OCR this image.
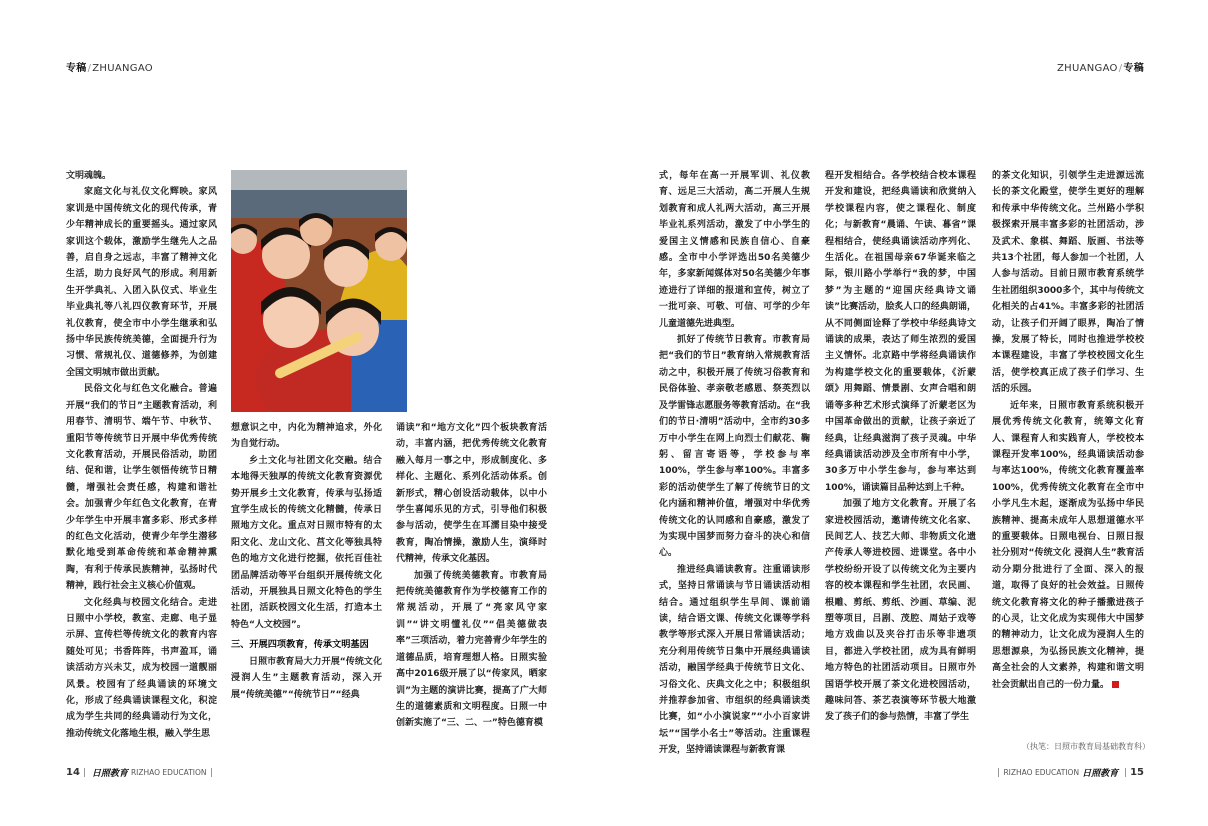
专稿/ZHUANGAO

文明魂魄。

家庭文化与礼仪文化辉映。家风家训是中国传统文化的现代传承，青少年精神成长的重要摇头。通过家风家训这个载体，激励学生继先人之品善，启自身之远志，丰富了精神文化生活，助力良好风气的形成。利用新生开学典礼、入团入队仪式、毕业生毕业典礼等八礼四仪教育环节，开展礼仪教育，使全市中小学生继承和弘扬中华民族传统美德，全面提升行为习惯、常规礼仪、道德修养，为创建全国文明城市做出贡献。

民俗文化与红色文化融合。普遍开展“我们的节日”主题教育活动，利用春节、清明节、端午节、中秋节、重阳节等传统节日开展中华优秀传统文化教育活动，开展民俗活动，助团结、促和谐，让学生领悟传统节日精髓，增强社会责任感，构建和谐社会。加强青少年红色文化教育，在青少年学生中开展丰富多彩、形式多样的红色文化活动，使青少年学生潜移默化地受到革命传统和革命精神熏陶，有利于传承民族精神，弘扬时代精神，践行社会主义核心价值观。

文化经典与校园文化结合。走进日照中小学校，教室、走廊、电子显示屏、宣传栏等传统文化的教育内容随处可见；书香阵阵，书声盈耳，诵读活动方兴未艾，成为校园一道靓丽风景。校园有了经典诵读的环境文化，形成了经典诵读课程文化，积淀成为学生共同的经典诵动行为文化，推动传统文化落地生根，融入学生思

想意识之中，内化为精神追求，外化为自觉行动。

乡土文化与社团文化交融。结合本地得天独厚的传统文化教育资源优势开展乡土文化教育，传承与弘扬适宜学生成长的传统文化精髓，传承日照地方文化。重点对日照市特有的太阳文化、龙山文化、莒文化等独具特色的地方文化进行挖掘，依托百佳社团品牌活动等平台组织开展传统文化活动，开展独具日照文化特色的学生社团，活跃校园文化生活，打造本土特色“人文校园”。

三、开展四项教育，传承文明基因

日照市教育局大力开展“传统文化 浸润人生”主题教育活动，深入开展“传统美德”“传统节日”“经典

诵读”和“地方文化”四个板块教育活动，丰富内涵，把优秀传统文化教育融入每月一事之中，形成制度化、多样化、主题化、系列化活动体系。创新形式，精心创设活动载体，以中小学生喜闻乐见的方式，引导他们积极参与活动，使学生在耳濡目染中接受教育，陶冶情操，激励人生，演绎时代精神，传承文化基因。

加强了传统美德教育。市教育局把传统美德教育作为学校德育工作的常规活动，开展了“亮家风守家训”“讲文明懂礼仪”“倡美德做表率”三项活动，着力完善青少年学生的道德品质，培育理想人格。日照实验高中2016级开展了以“传家风，晒家训”为主题的演讲比赛，提高了广大师生的道德素质和文明程度。日照一中创新实施了“三、二、一”特色德育模

14 日照教育 RIZHAO EDUCATION
ZHUANGAO/专稿

式，每年在高一开展军训、礼仪教育、远足三大活动，高二开展人生规划教育和成人礼两大活动，高三开展毕业礼系列活动，激发了中小学生的爱国主义情感和民族自信心、自豪感。全市中小学评选出50名美德少年，多家新闻媒体对50名美德少年事迹进行了详细的报道和宣传，树立了一批可亲、可敬、可信、可学的少年儿童道德先进典型。

抓好了传统节日教育。市教育局把“我们的节日”教育纳入常规教育活动之中，积极开展了传统习俗教育和民俗体验、孝亲敬老感恩、祭英烈以及学雷锋志愿服务等教育活动。在“我们的节日·清明”活动中，全市约30多万中小学生在网上向烈士们献花、鞠躬、留言寄语等，学校参与率100%，学生参与率100%。丰富多彩的活动使学生了解了传统节日的文化内涵和精神价值，增强对中华优秀传统文化的认同感和自豪感，激发了为实现中国梦而努力奋斗的决心和信心。

推进经典诵读教育。注重诵读形式，坚持日常诵读与节日诵读活动相结合。通过组织学生早间、课前诵读，结合语文课、传统文化课等学科教学等形式深入开展日常诵读活动；充分利用传统节日集中开展经典诵读活动，融国学经典于传统节日文化、习俗文化、庆典文化之中；积极组织并推荐参加省、市组织的经典诵读类比赛，如“小小演说家”“小小百家讲坛”“国学小名士”等活动。注重课程开发，坚持诵读课程与新教育课

程开发相结合。各学校结合校本课程开发和建设，把经典诵读和欣赏纳入学校课程内容，使之课程化、制度化；与新教育“晨诵、午读、暮省”课程相结合，使经典诵读活动序列化、生活化。在祖国母亲67华诞来临之际，银川路小学举行“我的梦，中国梦”为主题的“迎国庆经典诗文诵读”比赛活动，脍炙人口的经典朗诵，从不同侧面诠释了学校中华经典诗文诵读的成果，表达了师生浓烈的爱国主义情怀。北京路中学将经典诵读作为构建学校文化的重要载体，《沂蒙颂》用舞蹈、情景剧、女声合唱和朗诵等多种艺术形式演绎了沂蒙老区为中国革命做出的贡献，让孩子亲近了经典，让经典滋润了孩子灵魂。中华经典诵读活动涉及全市所有中小学，30多万中小学生参与，参与率达到100%，诵读篇目品种达到上千种。

加强了地方文化教育。开展了名家进校园活动，邀请传统文化名家、民间艺人、技艺大师、非物质文化遗产传承人等进校园、进课堂。各中小学校纷纷开设了以传统文化为主要内容的校本课程和学生社团，农民画、根雕、剪纸、剪纸、沙画、草编、泥塑等项目，吕剧、茂腔、周姑子戏等地方戏曲以及夹谷打击乐等非遗项目，都进入学校社团，成为具有鲜明地方特色的社团活动项目。日照市外国语学校开展了茶文化进校园活动，趣味问答、茶艺表演等环节极大地激发了孩子们的参与热情，丰富了学生

的茶文化知识，引领学生走进源远流长的茶文化殿堂，使学生更好的理解和传承中华传统文化。兰州路小学积极探索开展丰富多彩的社团活动，涉及武术、象棋、舞蹈、版画、书法等共13个社团，每人参加一个社团，人人参与活动。目前日照市教育系统学生社团组织3000多个，其中与传统文化相关的占41%。丰富多彩的社团活动，让孩子们开阔了眼界，陶冶了情操，发展了特长，同时也推进学校校本课程建设，丰富了学校校园文化生活，使学校真正成了孩子们学习、生活的乐园。

近年来，日照市教育系统积极开展优秀传统文化教育，统筹文化育人、课程育人和实践育人，学校校本课程开发率100%，经典诵读活动参与率达100%，传统文化教育覆盖率100%，优秀传统文化教育在全市中小学凡生木起，逐渐成为弘扬中华民族精神、提高未成年人思想道德水平的重要载体。日照电视台、日照日报社分别对“传统文化 浸润人生”教育活动分期分批进行了全面、深入的报道，取得了良好的社会效益。日照传统文化教育将文化的种子播撒进孩子的心灵，让文化成为实现伟大中国梦的精神动力，让文化成为浸润人生的思想源泉，为弘扬民族文化精神，提高全社会的人文素养，构建和谐文明社会贡献出自己的一份力量。

RIZHAO EDUCATION 日照教育 15
（执笔：日照市教育局基础教育科）
